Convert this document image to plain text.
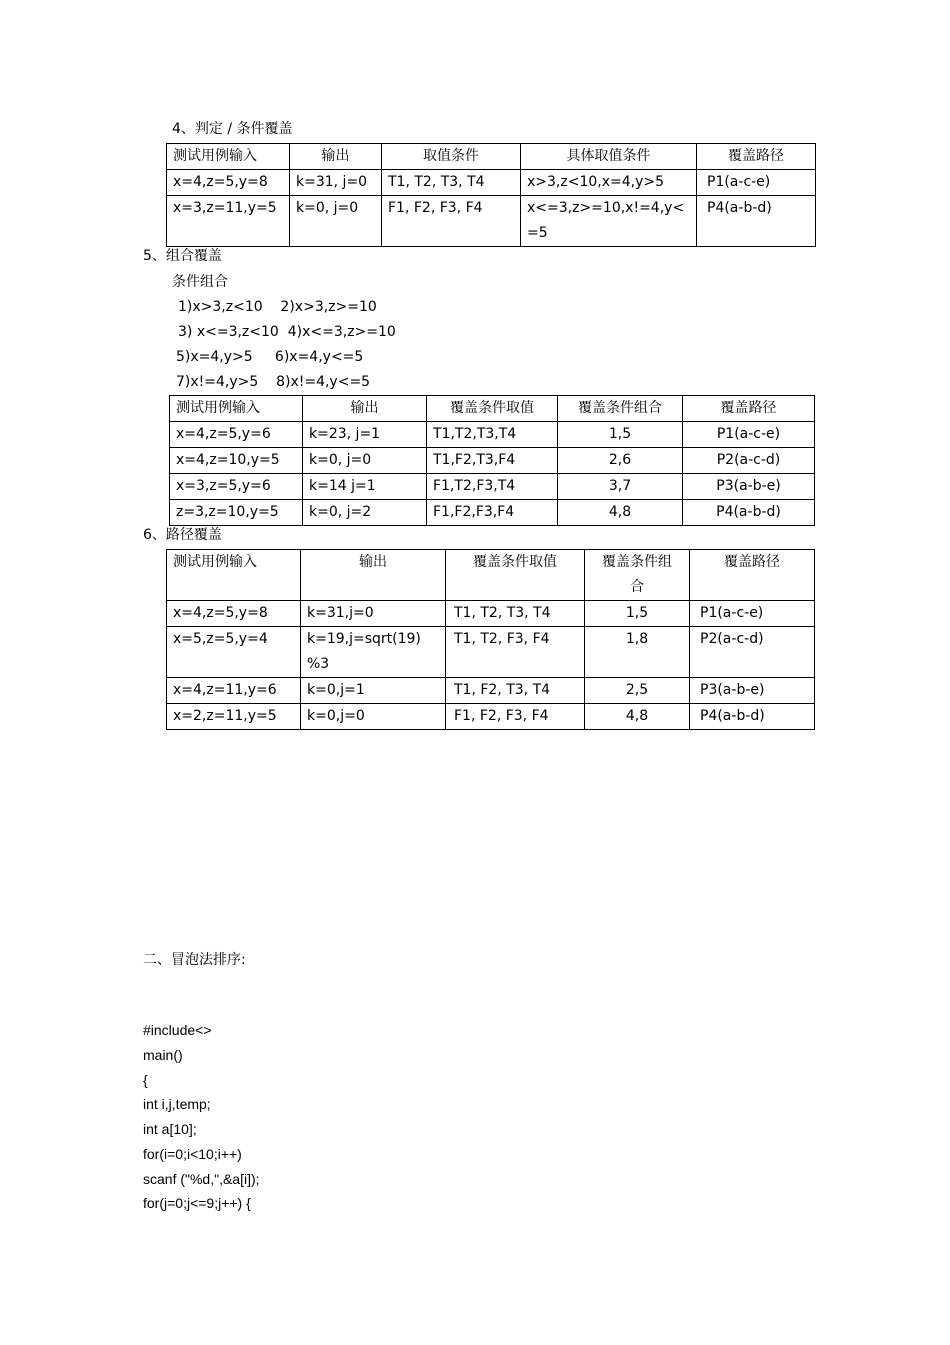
4、判定 / 条件覆盖
测试用例输入	输出	取值条件	具体取值条件	覆盖路径
x=4,z=5,y=8	k=31, j=0	T1, T2, T3, T4	x>3,z<10,x=4,y>5	P1(a-c-e)
x=3,z=11,y=5	k=0, j=0	F1, F2, F3, F4	x<=3,z>=10,x!=4,y<
=5	P4(a-b-d)
5、组合覆盖
条件组合
1)x>3,z<10    2)x>3,z>=10
3) x<=3,z<10  4)x<=3,z>=10
5)x=4,y>5     6)x=4,y<=5
7)x!=4,y>5    8)x!=4,y<=5
测试用例输入	输出	覆盖条件取值	覆盖条件组合	覆盖路径
x=4,z=5,y=6	k=23, j=1	T1,T2,T3,T4	1,5	P1(a-c-e)
x=4,z=10,y=5	k=0, j=0	T1,F2,T3,F4	2,6	P2(a-c-d)
x=3,z=5,y=6	k=14 j=1	F1,T2,F3,T4	3,7	P3(a-b-e)
z=3,z=10,y=5	k=0, j=2	F1,F2,F3,F4	4,8	P4(a-b-d)
6、路径覆盖
测试用例输入	输出	覆盖条件取值	覆盖条件组
合	覆盖路径
x=4,z=5,y=8	k=31,j=0	T1, T2, T3, T4	1,5	P1(a-c-e)
x=5,z=5,y=4	k=19,j=sqrt(19)
%3	T1, T2, F3, F4	1,8	P2(a-c-d)
x=4,z=11,y=6	k=0,j=1	T1, F2, T3, T4	2,5	P3(a-b-e)
x=2,z=11,y=5	k=0,j=0	F1, F2, F3, F4	4,8	P4(a-b-d)
二、冒泡法排序:
#include<>
main()
{
int i,j,temp;
int a[10];
for(i=0;i<10;i++)
scanf ("%d,",&a[i]);
for(j=0;j<=9;j++) {
